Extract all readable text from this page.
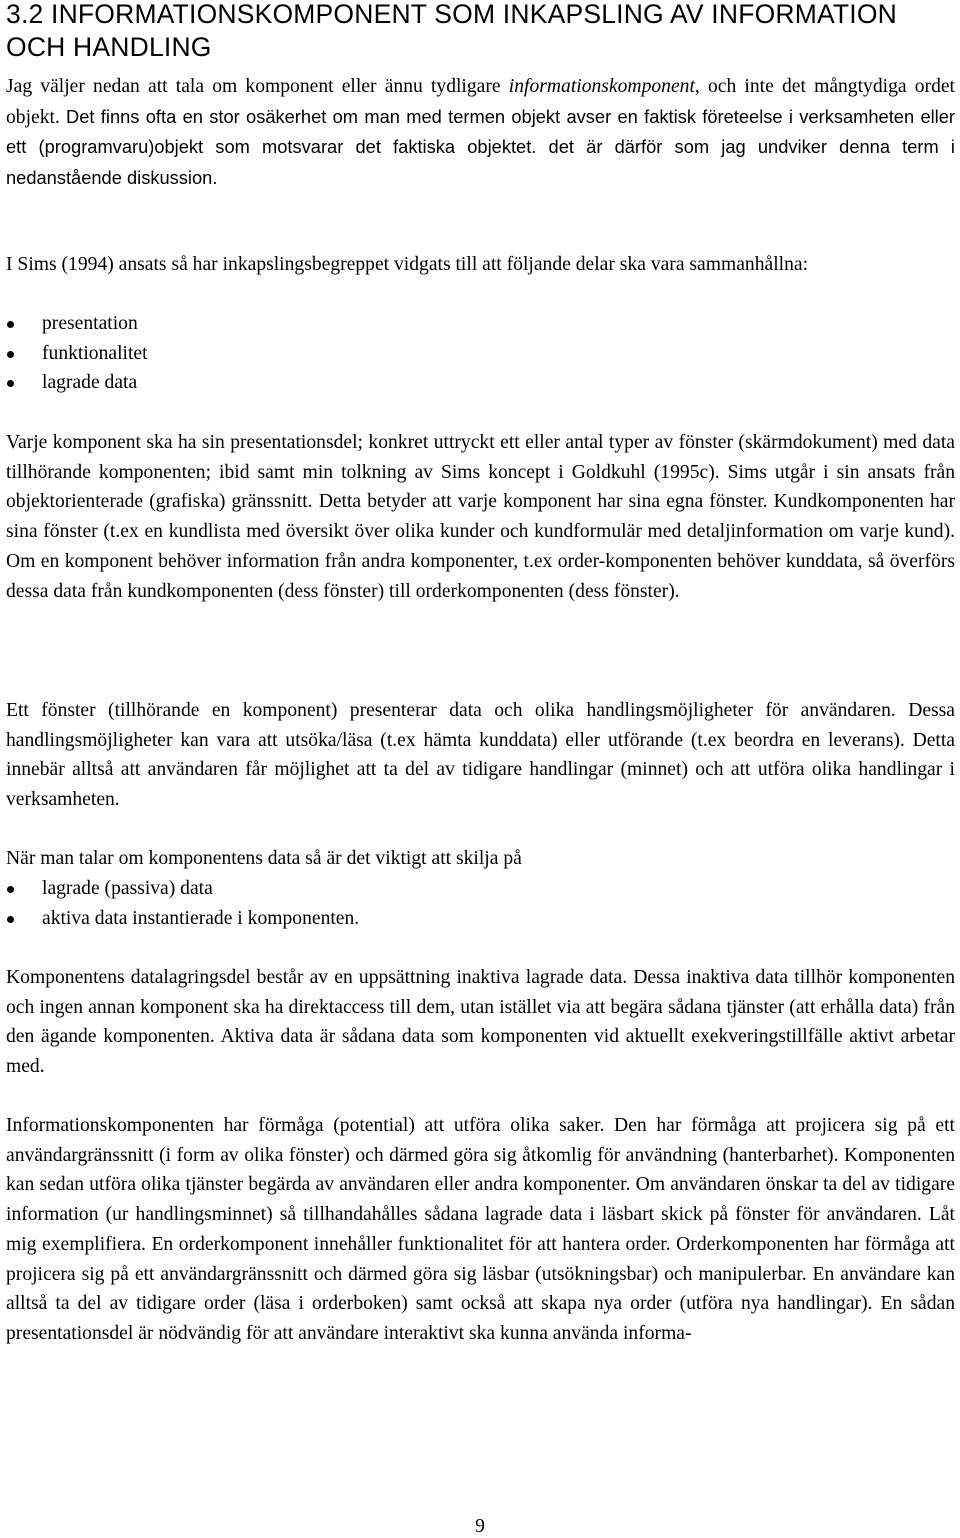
3.2 INFORMATIONSKOMPONENT SOM INKAPSLING AV INFORMATION OCH HANDLING

Jag väljer nedan att tala om komponent eller ännu tydligare informationskomponent, och inte det mångtydiga ordet objekt. Det finns ofta en stor osäkerhet om man med termen objekt avser en faktisk företeelse i verksamheten eller ett (programvaru)objekt som motsvarar det faktiska objektet. det är därför som jag undviker denna term i nedanstående diskussion.

I Sims (1994) ansats så har inkapslingsbegreppet vidgats till att följande delar ska vara sammanhållna:

presentation
funktionalitet
lagrade data

Varje komponent ska ha sin presentationsdel; konkret uttryckt ett eller antal typer av fönster (skärmdokument) med data tillhörande komponenten; ibid samt min tolkning av Sims koncept i Goldkuhl (1995c). Sims utgår i sin ansats från objektorienterade (grafiska) gränssnitt. Detta betyder att varje komponent har sina egna fönster. Kundkomponenten har sina fönster (t.ex en kundlista med översikt över olika kunder och kundformulär med detaljinformation om varje kund). Om en komponent behöver information från andra komponenter, t.ex order-komponenten behöver kunddata, så överförs dessa data från kundkomponenten (dess fönster) till orderkomponenten (dess fönster).

Ett fönster (tillhörande en komponent) presenterar data och olika handlingsmöjligheter för användaren. Dessa handlingsmöjligheter kan vara att utsöka/läsa (t.ex hämta kunddata) eller utförande (t.ex beordra en leverans). Detta innebär alltså att användaren får möjlighet att ta del av tidigare handlingar (minnet) och att utföra olika handlingar i verksamheten.

När man talar om komponentens data så är det viktigt att skilja på

lagrade (passiva) data
aktiva data instantierade i komponenten.

Komponentens datalagringsdel består av en uppsättning inaktiva lagrade data. Dessa inaktiva data tillhör komponenten och ingen annan komponent ska ha direktaccess till dem, utan istället via att begära sådana tjänster (att erhålla data) från den ägande komponenten. Aktiva data är sådana data som komponenten vid aktuellt exekveringstillfälle aktivt arbetar med.

Informationskomponenten har förmåga (potential) att utföra olika saker. Den har förmåga att projicera sig på ett användargränssnitt (i form av olika fönster) och därmed göra sig åtkomlig för användning (hanterbarhet). Komponenten kan sedan utföra olika tjänster begärda av användaren eller andra komponenter. Om användaren önskar ta del av tidigare information (ur handlingsminnet) så tillhandahålles sådana lagrade data i läsbart skick på fönster för användaren. Låt mig exemplifiera. En orderkomponent innehåller funktionalitet för att hantera order. Orderkomponenten har förmåga att projicera sig på ett användargränssnitt och därmed göra sig läsbar (utsökningsbar) och manipulerbar. En användare kan alltså ta del av tidigare order (läsa i orderboken) samt också att skapa nya order (utföra nya handlingar). En sådan presentationsdel är nödvändig för att användare interaktivt ska kunna använda informa-

9
